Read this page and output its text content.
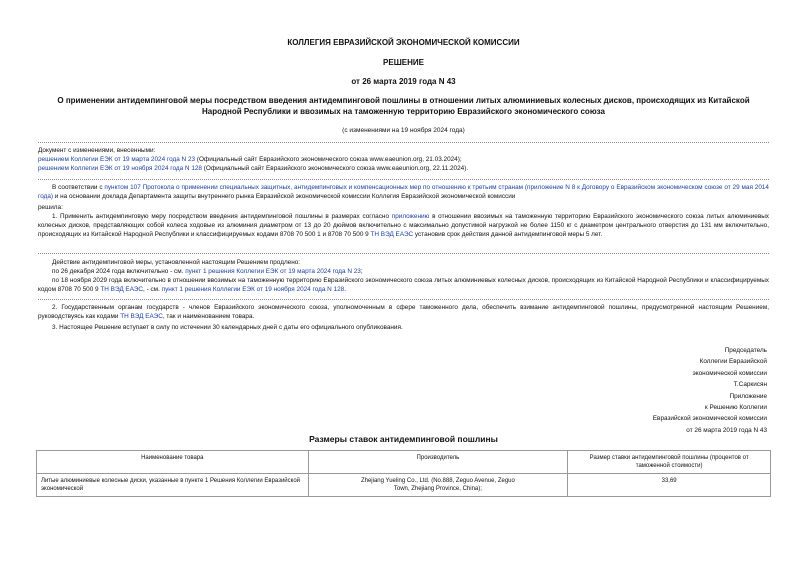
КОЛЛЕГИЯ ЕВРАЗИЙСКОЙ ЭКОНОМИЧЕСКОЙ КОМИССИИ
РЕШЕНИЕ
от 26 марта 2019 года N 43
О применении антидемпинговой меры посредством введения антидемпинговой пошлины в отношении литых алюминиевых колесных дисков, происходящих из Китайской Народной Республики и ввозимых на таможенную территорию Евразийского экономического союза
(с изменениями на 19 ноября 2024 года)
Документ с изменениями, внесенными:
решением Коллегии ЕЭК от 19 марта 2024 года N 23 (Официальный сайт Евразийского экономического союза www.eaeunion.org, 21.03.2024);
решением Коллегии ЕЭК от 19 ноября 2024 года N 128 (Официальный сайт Евразийского экономического союза www.eaeunion.org, 22.11.2024).
В соответствии с пунктом 107 Протокола о применении специальных защитных, антидемпинговых и компенсационных мер по отношению к третьим странам (приложение N 8 к Договору о Евразийском экономическом союзе от 29 мая 2014 года) и на основании доклада Департамента защиты внутреннего рынка Евразийской экономической комиссии Коллегия Евразийской экономической комиссии
решила:
1. Применить антидемпинговую меру посредством введения антидемпинговой пошлины в размерах согласно приложению в отношении ввозимых на таможенную территорию Евразийского экономического союза литых алюминиевых колесных дисков, представляющих собой колеса ходовые из алюминия диаметром от 13 до 20 дюймов включительно с максимально допустимой нагрузкой не более 1150 кг с диаметром центрального отверстия до 131 мм включительно, происходящих из Китайской Народной Республики и классифицируемых кодами 8708 70 500 1 и 8708 70 500 9 ТН ВЭД ЕАЭС установив срок действия данной антидемпинговой меры 5 лет.
Действие антидемпинговой меры, установленной настоящим Решением продлено:
по 26 декабря 2024 года включительно - см. пункт 1 решения Коллегии ЕЭК от 19 марта 2024 года N 23;
по 18 ноября 2029 года включительно в отношении ввозимых на таможенную территорию Евразийского экономического союза литых алюминиевых колесных дисков, происходящих из Китайской Народной Республики и классифицируемых кодом 8708 70 500 9 ТН ВЭД ЕАЭС, - см. пункт 1 решения Коллегии ЕЭК от 19 ноября 2024 года N 128.
2. Государственным органам государств - членов Евразийского экономического союза, уполномоченным в сфере таможенного дела, обеспечить взимание антидемпинговой пошлины, предусмотренной настоящим Решением, руководствуясь как кодами ТН ВЭД ЕАЭС, так и наименованием товара.
3. Настоящее Решение вступает в силу по истечении 30 календарных дней с даты его официального опубликования.
Председатель
Коллегии Евразийской
экономической комиссии
Т.Саркисян
Приложение
к Решению Коллегии
Евразийской экономической комиссии
от 26 марта 2019 года N 43
Размеры ставок антидемпинговой пошлины
Наименование товара	Производитель	Размер ставки антидемпинговой пошлины (процентов от таможенной стоимости)
Литые алюминиевые колесные диски, указанные в пункте 1 Решения Коллегии Евразийской экономической	Zhejiang Yueling Co., Ltd. (No.888, Zeguo Avenue, Zeguo Town, Zhejiang Province, China);	33,69
